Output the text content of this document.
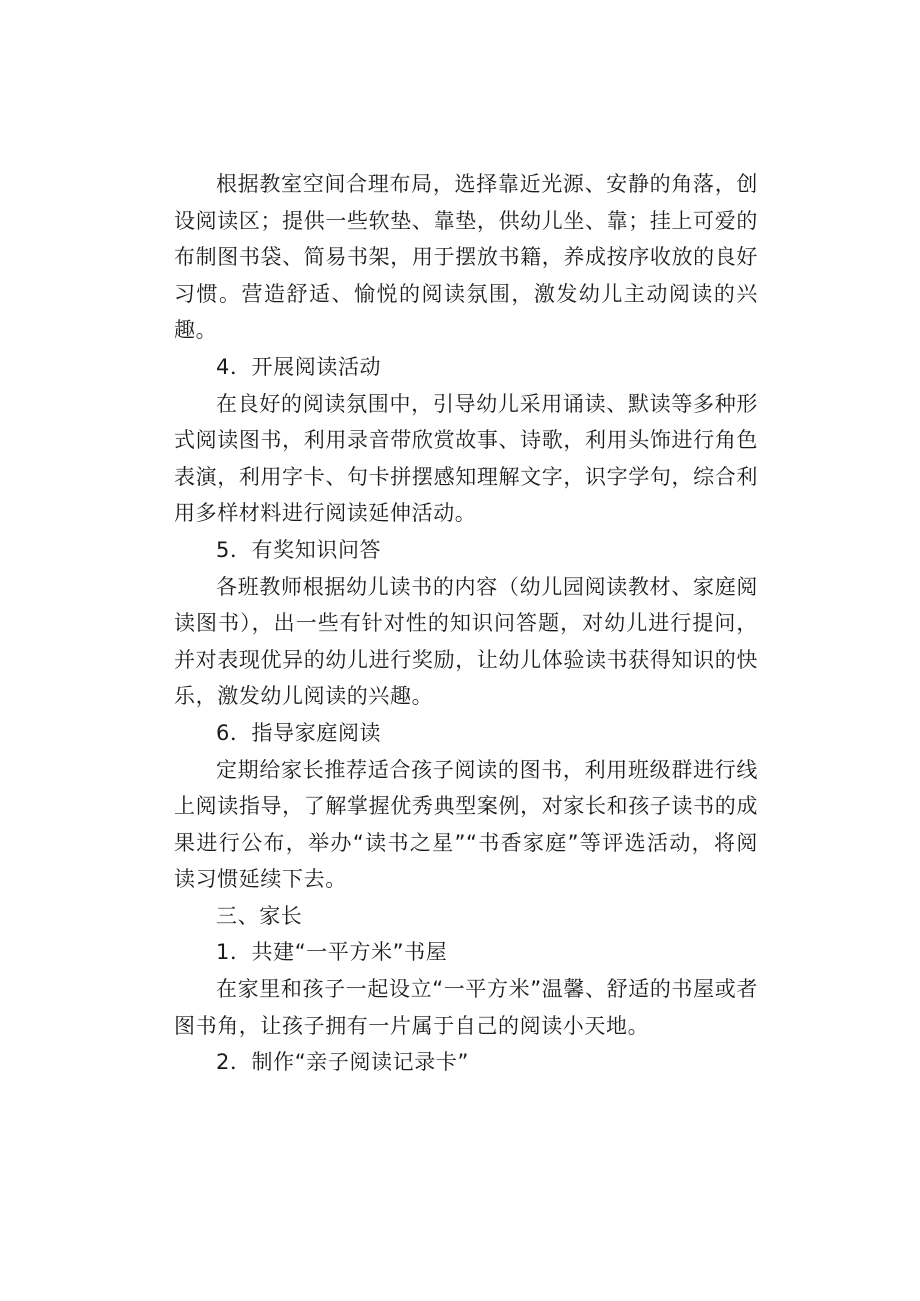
根据教室空间合理布局，选择靠近光源、安静的角落，创设阅读区；提供一些软垫、靠垫，供幼儿坐、靠；挂上可爱的布制图书袋、简易书架，用于摆放书籍，养成按序收放的良好习惯。营造舒适、愉悦的阅读氛围，激发幼儿主动阅读的兴趣。

4．开展阅读活动

在良好的阅读氛围中，引导幼儿采用诵读、默读等多种形式阅读图书，利用录音带欣赏故事、诗歌，利用头饰进行角色表演，利用字卡、句卡拼摆感知理解文字，识字学句，综合利用多样材料进行阅读延伸活动。

5．有奖知识问答

各班教师根据幼儿读书的内容（幼儿园阅读教材、家庭阅读图书），出一些有针对性的知识问答题，对幼儿进行提问，并对表现优异的幼儿进行奖励，让幼儿体验读书获得知识的快乐，激发幼儿阅读的兴趣。

6．指导家庭阅读

定期给家长推荐适合孩子阅读的图书，利用班级群进行线上阅读指导，了解掌握优秀典型案例，对家长和孩子读书的成果进行公布，举办“读书之星”“书香家庭”等评选活动，将阅读习惯延续下去。

三、家长

1．共建“一平方米”书屋

在家里和孩子一起设立“一平方米”温馨、舒适的书屋或者图书角，让孩子拥有一片属于自己的阅读小天地。

2．制作“亲子阅读记录卡”
